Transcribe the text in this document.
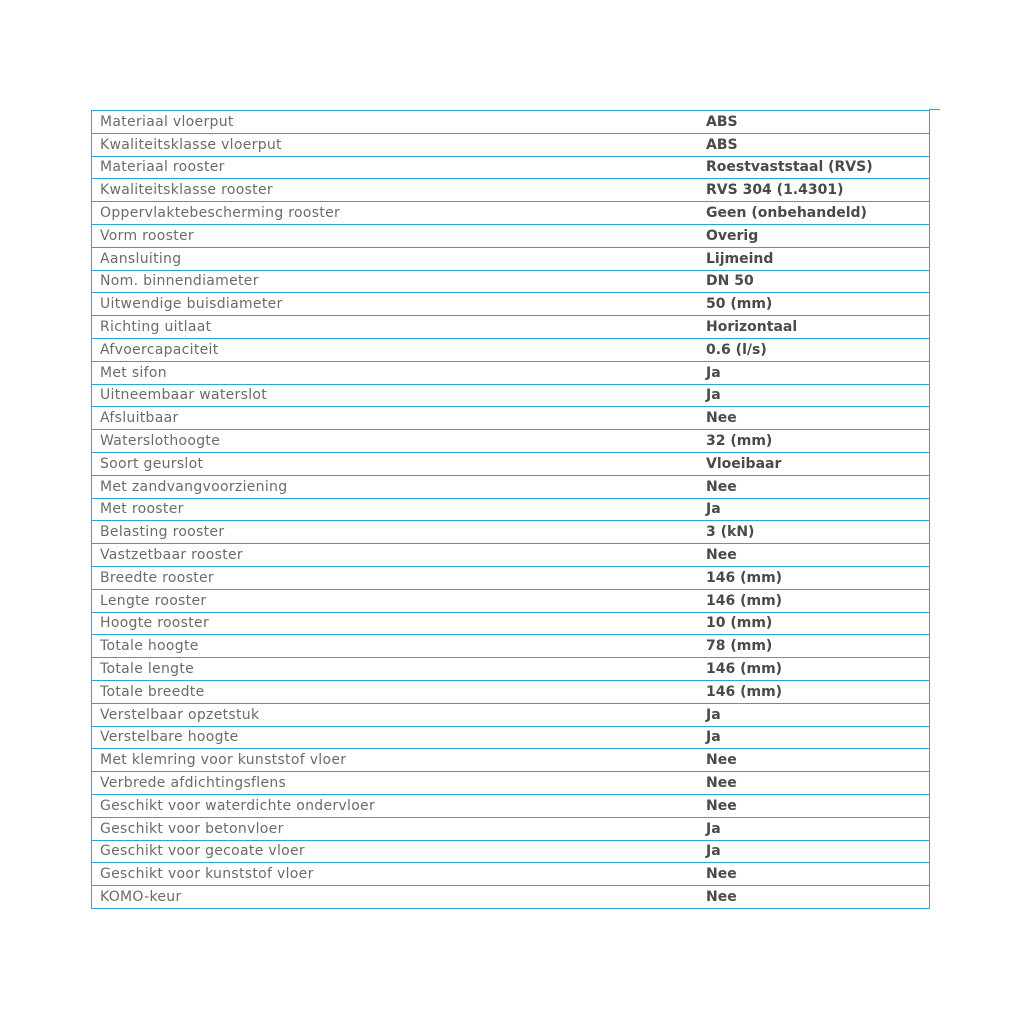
Materiaal vloerput	ABS
Kwaliteitsklasse vloerput	ABS
Materiaal rooster	Roestvaststaal (RVS)
Kwaliteitsklasse rooster	RVS 304 (1.4301)
Oppervlaktebescherming rooster	Geen (onbehandeld)
Vorm rooster	Overig
Aansluiting	Lijmeind
Nom. binnendiameter	DN 50
Uitwendige buisdiameter	50 (mm)
Richting uitlaat	Horizontaal
Afvoercapaciteit	0.6 (l/s)
Met sifon	Ja
Uitneembaar waterslot	Ja
Afsluitbaar	Nee
Waterslothoogte	32 (mm)
Soort geurslot	Vloeibaar
Met zandvangvoorziening	Nee
Met rooster	Ja
Belasting rooster	3 (kN)
Vastzetbaar rooster	Nee
Breedte rooster	146 (mm)
Lengte rooster	146 (mm)
Hoogte rooster	10 (mm)
Totale hoogte	78 (mm)
Totale lengte	146 (mm)
Totale breedte	146 (mm)
Verstelbaar opzetstuk	Ja
Verstelbare hoogte	Ja
Met klemring voor kunststof vloer	Nee
Verbrede afdichtingsflens	Nee
Geschikt voor waterdichte ondervloer	Nee
Geschikt voor betonvloer	Ja
Geschikt voor gecoate vloer	Ja
Geschikt voor kunststof vloer	Nee
KOMO-keur	Nee
